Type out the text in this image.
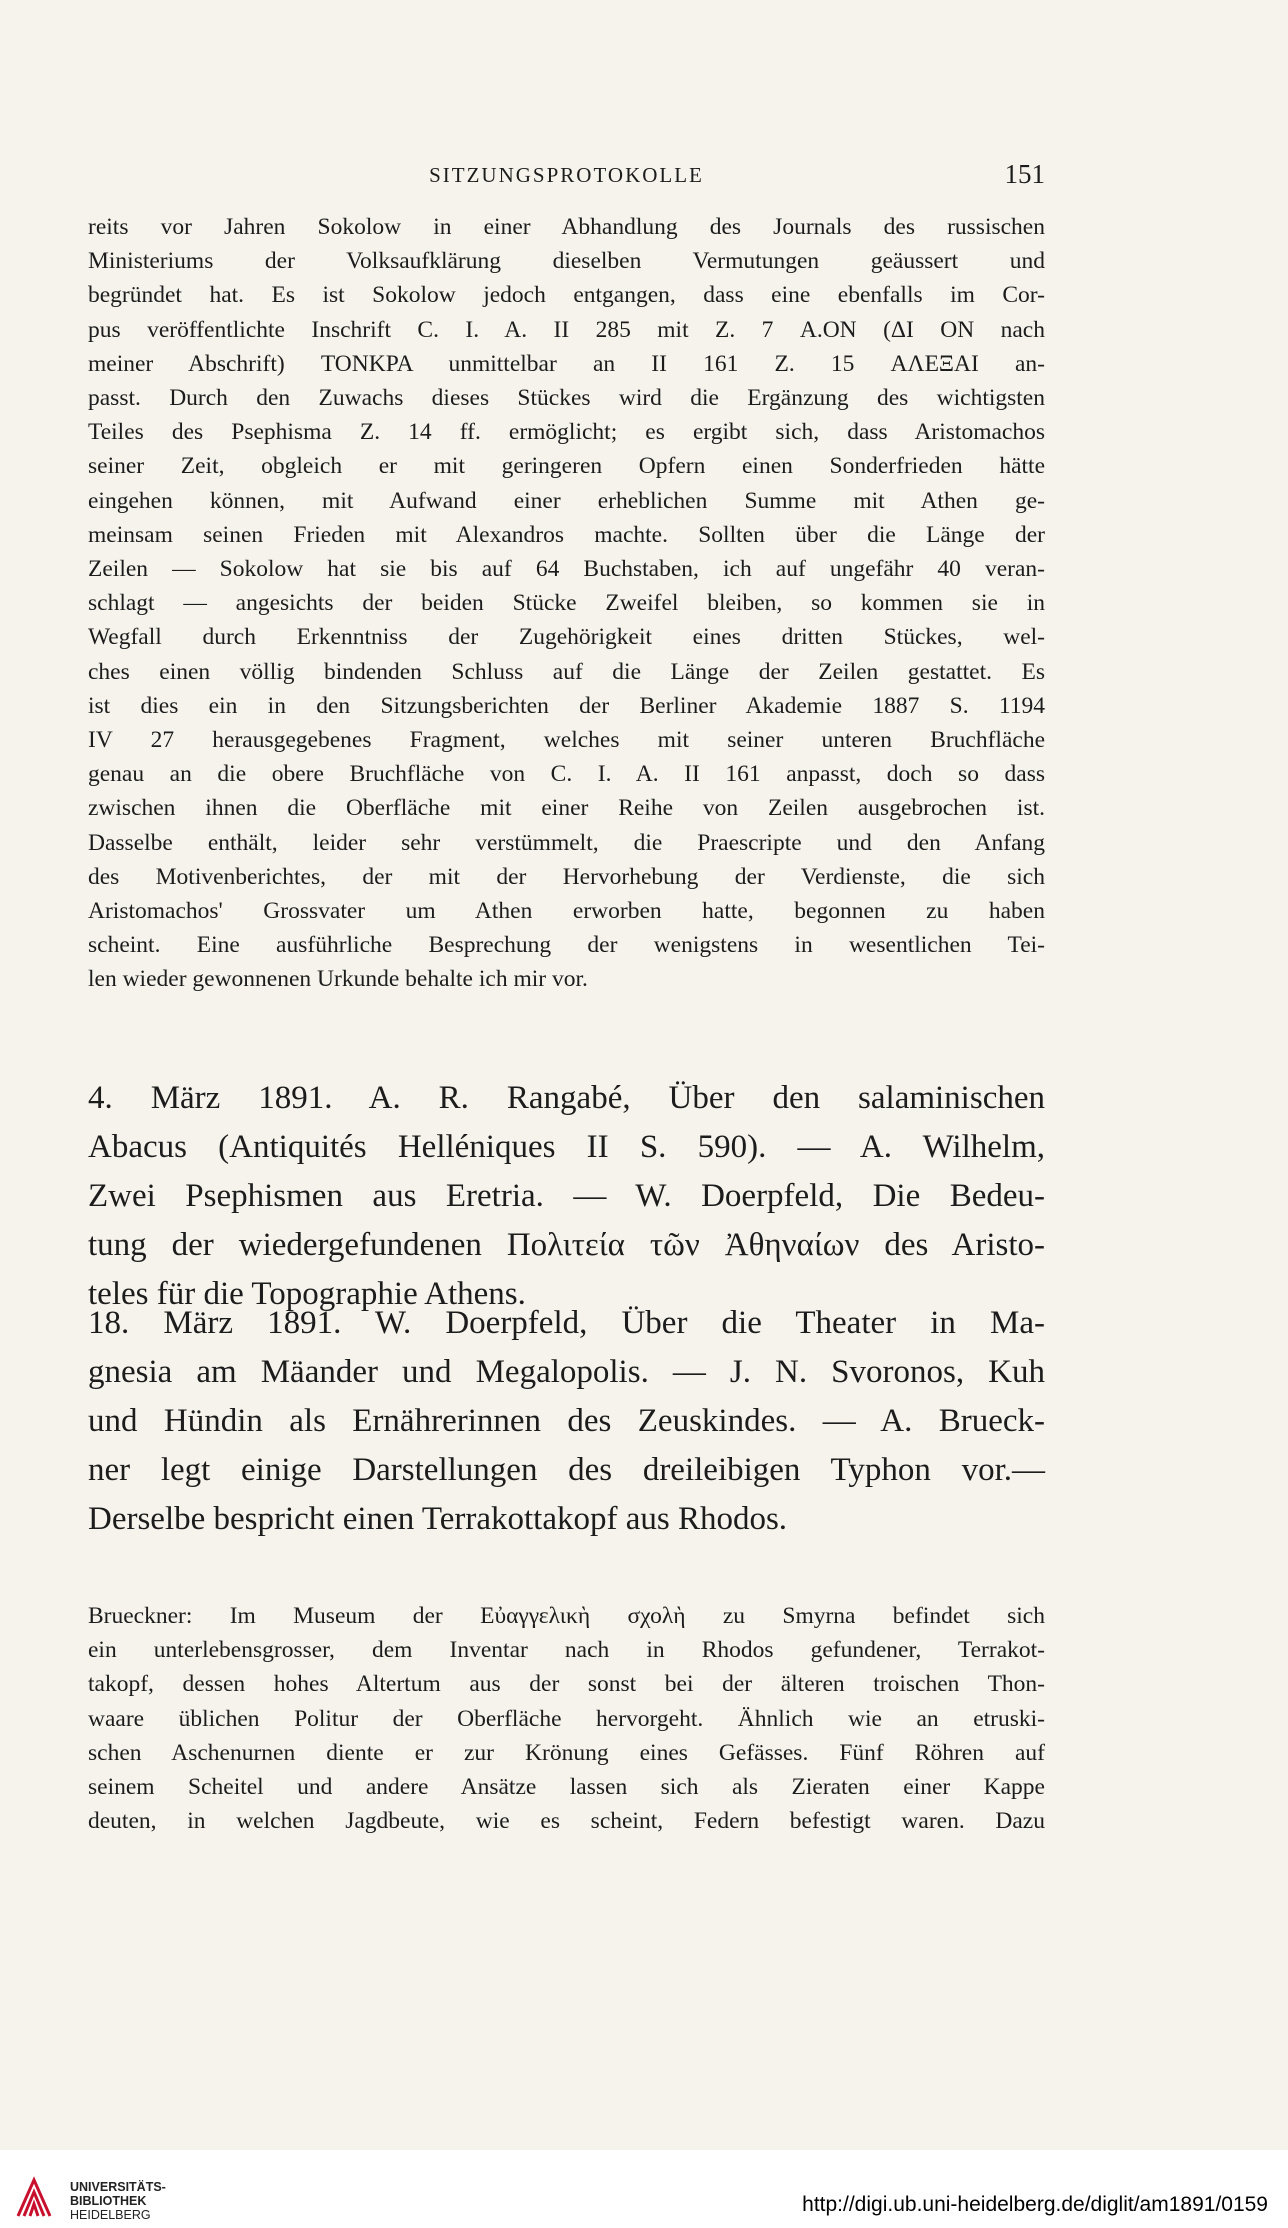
SITZUNGSPROTOKOLLE	151

reits vor Jahren Sokolow in einer Abhandlung des Journals des russischen

Ministeriums der Volksaufklärung dieselben Vermutungen geäussert und

begründet hat. Es ist Sokolow jedoch entgangen, dass eine ebenfalls im Cor-

pus veröffentlichte Inschrift C. I. A. II 285 mit Z. 7 Α.ΟΝ (ΔΙ ΟΝ nach

meiner Abschrift) ΤΟΝΚΡΑ unmittelbar an II 161 Z. 15 ΑΛΕΞΑΙ an-

passt. Durch den Zuwachs dieses Stückes wird die Ergänzung des wichtigsten

Teiles des Psephisma Z. 14 ff. ermöglicht; es ergibt sich, dass Aristomachos

seiner Zeit, obgleich er mit geringeren Opfern einen Sonderfrieden hätte

eingehen können, mit Aufwand einer erheblichen Summe mit Athen ge-

meinsam seinen Frieden mit Alexandros machte. Sollten über die Länge der

Zeilen — Sokolow hat sie bis auf 64 Buchstaben, ich auf ungefähr 40 veran-

schlagt — angesichts der beiden Stücke Zweifel bleiben, so kommen sie in

Wegfall durch Erkenntniss der Zugehörigkeit eines dritten Stückes, wel-

ches einen völlig bindenden Schluss auf die Länge der Zeilen gestattet. Es

ist dies ein in den Sitzungsberichten der Berliner Akademie 1887 S. 1194

IV 27 herausgegebenes Fragment, welches mit seiner unteren Bruchfläche

genau an die obere Bruchfläche von C. I. A. II 161 anpasst, doch so dass

zwischen ihnen die Oberfläche mit einer Reihe von Zeilen ausgebrochen ist.

Dasselbe enthält, leider sehr verstümmelt, die Praescripte und den Anfang

des Motivenberichtes, der mit der Hervorhebung der Verdienste, die sich

Aristomachos' Grossvater um Athen erworben hatte, begonnen zu haben

scheint. Eine ausführliche Besprechung der wenigstens in wesentlichen Tei-

len wieder gewonnenen Urkunde behalte ich mir vor.

4. März 1891. A. R. Rangabé, Über den salaminischen

Abacus (Antiquités Helléniques II S. 590). — A. Wilhelm,

Zwei Psephismen aus Eretria. — W. Doerpfeld, Die Bedeu-

tung der wiedergefundenen Πολιτεία τῶν Ἀθηναίων des Aristo-

teles für die Topographie Athens.

18. März 1891. W. Doerpfeld, Über die Theater in Ma-

gnesia am Mäander und Megalopolis. — J. N. Svoronos, Kuh

und Hündin als Ernährerinnen des Zeuskindes. — A. Brueck-

ner legt einige Darstellungen des dreileibigen Typhon vor.—

Derselbe bespricht einen Terrakottakopf aus Rhodos.

Brueckner: Im Museum der Εὐαγγελικὴ σχολὴ zu Smyrna befindet sich

ein unterlebensgrosser, dem Inventar nach in Rhodos gefundener, Terrakot-

takopf, dessen hohes Altertum aus der sonst bei der älteren troischen Thon-

waare üblichen Politur der Oberfläche hervorgeht. Ähnlich wie an etruski-

schen Aschenurnen diente er zur Krönung eines Gefässes. Fünf Röhren auf

seinem Scheitel und andere Ansätze lassen sich als Zieraten einer Kappe

deuten, in welchen Jagdbeute, wie es scheint, Federn befestigt waren. Dazu

UNIVERSITÄTS-
BIBLIOTHEK
HEIDELBERG	http://digi.ub.uni-heidelberg.de/diglit/am1891/0159
